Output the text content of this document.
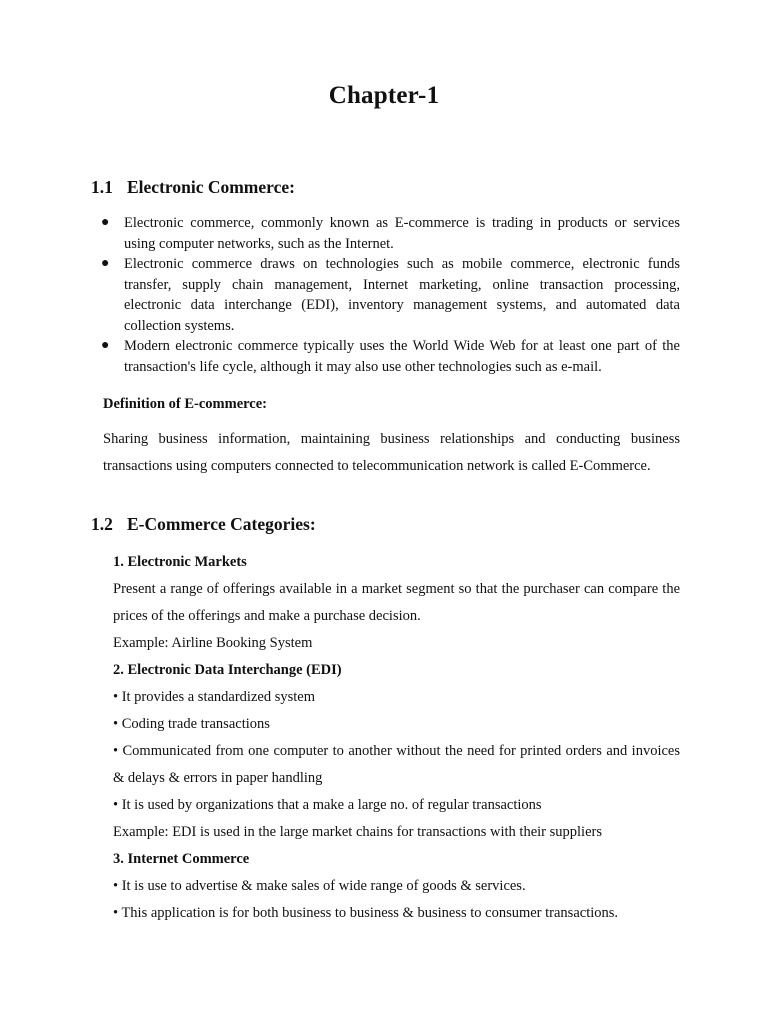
Chapter-1
1.1 Electronic Commerce:
● Electronic commerce, commonly known as E-commerce is trading in products or services using computer networks, such as the Internet.
● Electronic commerce draws on technologies such as mobile commerce, electronic funds transfer, supply chain management, Internet marketing, online transaction processing, electronic data interchange (EDI), inventory management systems, and automated data collection systems.
● Modern electronic commerce typically uses the World Wide Web for at least one part of the transaction's life cycle, although it may also use other technologies such as e-mail.
Definition of E-commerce:
Sharing business information, maintaining business relationships and conducting business transactions using computers connected to telecommunication network is called E-Commerce.
1.2 E-Commerce Categories:
1. Electronic Markets
Present a range of offerings available in a market segment so that the purchaser can compare the prices of the offerings and make a purchase decision.
Example: Airline Booking System
2. Electronic Data Interchange (EDI)
• It provides a standardized system
• Coding trade transactions
• Communicated from one computer to another without the need for printed orders and invoices & delays & errors in paper handling
• It is used by organizations that a make a large no. of regular transactions
Example: EDI is used in the large market chains for transactions with their suppliers
3. Internet Commerce
• It is use to advertise & make sales of wide range of goods & services.
• This application is for both business to business & business to consumer transactions.
